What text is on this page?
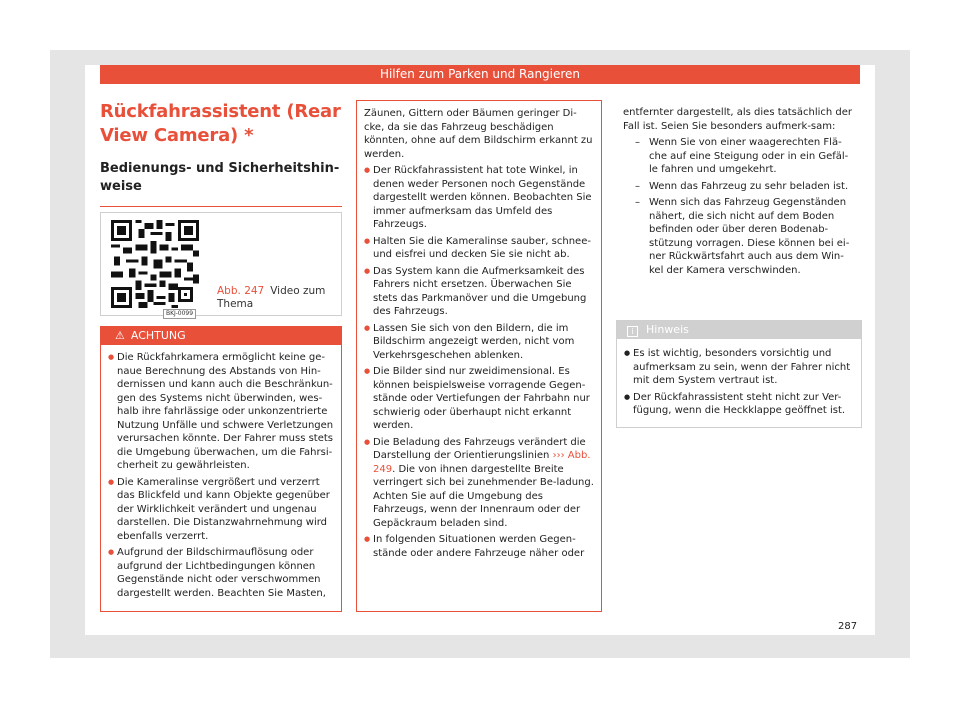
Hilfen zum Parken und Rangieren
Rückfahrassistent (Rear View Camera) *
Bedienungs- und Sicherheitshin-weise
BKJ-0099
Abb. 247 Video zum Thema
⚠ ACHTUNG
● Die Rückfahrkamera ermöglicht keine ge-naue Berechnung des Abstands von Hin-dernissen und kann auch die Beschränkun-gen des Systems nicht überwinden, wes-halb ihre fahrlässige oder unkonzentrierte Nutzung Unfälle und schwere Verletzungen verursachen könnte. Der Fahrer muss stets die Umgebung überwachen, um die Fahrsi-cherheit zu gewährleisten.
● Die Kameralinse vergrößert und verzerrt das Blickfeld und kann Objekte gegenüber der Wirklichkeit verändert und ungenau darstellen. Die Distanzwahrnehmung wird ebenfalls verzerrt.
● Aufgrund der Bildschirmauflösung oder aufgrund der Lichtbedingungen können Gegenstände nicht oder verschwommen dargestellt werden. Beachten Sie Masten,

Zäunen, Gittern oder Bäumen geringer Di-cke, da sie das Fahrzeug beschädigen könnten, ohne auf dem Bildschirm erkannt zu werden.

● Der Rückfahrassistent hat tote Winkel, in denen weder Personen noch Gegenstände dargestellt werden können. Beobachten Sie immer aufmerksam das Umfeld des Fahrzeugs.
● Halten Sie die Kameralinse sauber, schnee- und eisfrei und decken Sie sie nicht ab.
● Das System kann die Aufmerksamkeit des Fahrers nicht ersetzen. Überwachen Sie stets das Parkmanöver und die Umgebung des Fahrzeugs.
● Lassen Sie sich von den Bildern, die im Bildschirm angezeigt werden, nicht vom Verkehrsgeschehen ablenken.
● Die Bilder sind nur zweidimensional. Es können beispielsweise vorragende Gegen-stände oder Vertiefungen der Fahrbahn nur schwierig oder überhaupt nicht erkannt werden.
● Die Beladung des Fahrzeugs verändert die Darstellung der Orientierungslinien ››› Abb. 249. Die von ihnen dargestellte Breite verringert sich bei zunehmender Be-ladung. Achten Sie auf die Umgebung des Fahrzeugs, wenn der Innenraum oder der Gepäckraum beladen sind.
● In folgenden Situationen werden Gegen-stände oder andere Fahrzeuge näher oder

entfernter dargestellt, als dies tatsächlich der Fall ist. Seien Sie besonders aufmerk-sam:

– Wenn Sie von einer waagerechten Flä-che auf eine Steigung oder in ein Gefäl-le fahren und umgekehrt.
– Wenn das Fahrzeug zu sehr beladen ist.
– Wenn sich das Fahrzeug Gegenständen nähert, die sich nicht auf dem Boden befinden oder über deren Bodenab-stützung vorragen. Diese können bei ei-ner Rückwärtsfahrt auch aus dem Win-kel der Kamera verschwinden.
i Hinweis
● Es ist wichtig, besonders vorsichtig und aufmerksam zu sein, wenn der Fahrer nicht mit dem System vertraut ist.
● Der Rückfahrassistent steht nicht zur Ver-fügung, wenn die Heckklappe geöffnet ist.
287
